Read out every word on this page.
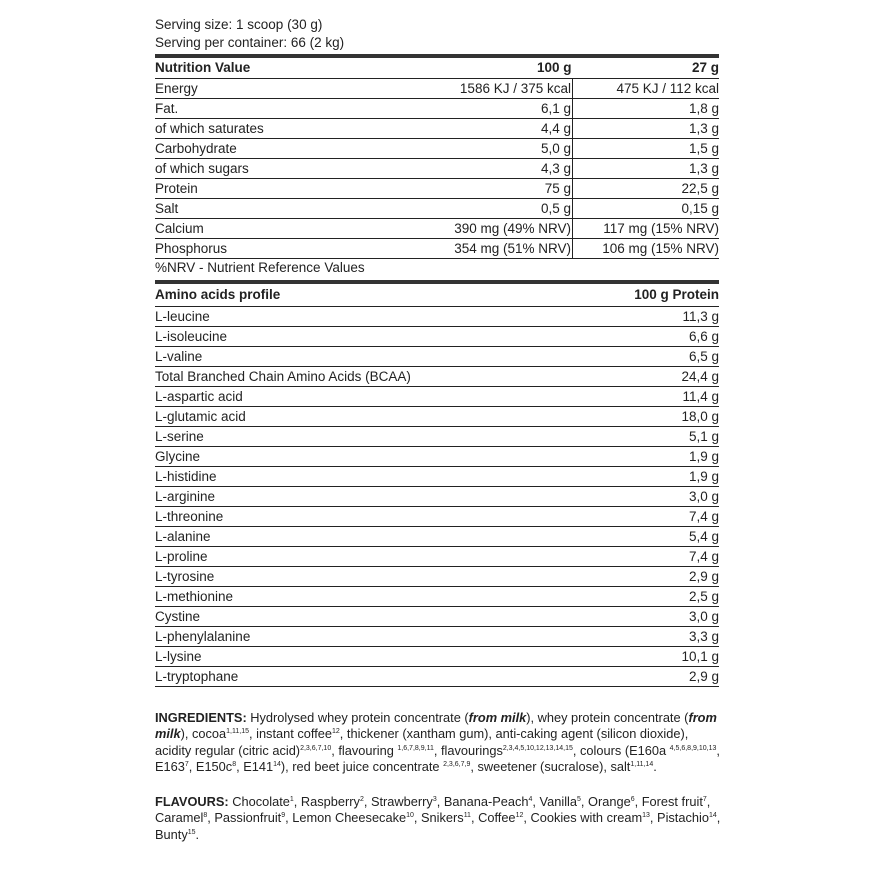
Serving size: 1 scoop (30 g)
Serving per container: 66 (2 kg)
Nutrition Value	100 g	27 g
Energy	1586 KJ / 375 kcal	475 KJ / 112 kcal
Fat.	6,1 g	1,8 g
of which saturates	4,4 g	1,3 g
Carbohydrate	5,0 g	1,5 g
of which sugars	4,3 g	1,3 g
Protein	75 g	22,5 g
Salt	0,5 g	0,15 g
Calcium	390 mg (49% NRV)	117 mg (15% NRV)
Phosphorus	354 mg (51% NRV)	106 mg (15% NRV)
%NRV - Nutrient Reference Values
Amino acids profile	100 g Protein
L-leucine	11,3 g
L-isoleucine	6,6 g
L-valine	6,5 g
Total Branched Chain Amino Acids (BCAA)	24,4 g
L-aspartic acid	11,4 g
L-glutamic acid	18,0 g
L-serine	5,1 g
Glycine	1,9 g
L-histidine	1,9 g
L-arginine	3,0 g
L-threonine	7,4 g
L-alanine	5,4 g
L-proline	7,4 g
L-tyrosine	2,9 g
L-methionine	2,5 g
Cystine	3,0 g
L-phenylalanine	3,3 g
L-lysine	10,1 g
L-tryptophane	2,9 g
INGREDIENTS: Hydrolysed whey protein concentrate (from milk), whey protein concentrate (from milk), cocoa$^{1,11,15}$, instant coffee$^{12}$, thickener (xantham gum), anti-caking agent (silicon dioxide), acidity regular (citric acid)$^{2,3,6,7,10}$, flavouring $^{1,6,7,8,9,11}$, flavourings$^{2,3,4,5,10,12,13,14,15}$, colours (E160a $^{4,5,6,8,9,10,13}$, $E163^7$, $E150c^8$, $E141^{14}$), red beet juice concentrate $^{2,3,6,7,9}$, sweetener (sucralose), salt$^{1,11,14}$.
FLAVOURS: Chocolate$^1$, Raspberry$^2$, Strawberry$^3$, Banana-Peach$^4$, Vanilla$^5$, Orange$^6$, Forest fruit$^7$, Caramel$^8$, Passionfruit$^9$, Lemon Cheesecake$^{10}$, Snikers$^{11}$, Coffee$^{12}$, Cookies with cream$^{13}$, Pistachio$^{14}$, Bunty$^{15}$.
